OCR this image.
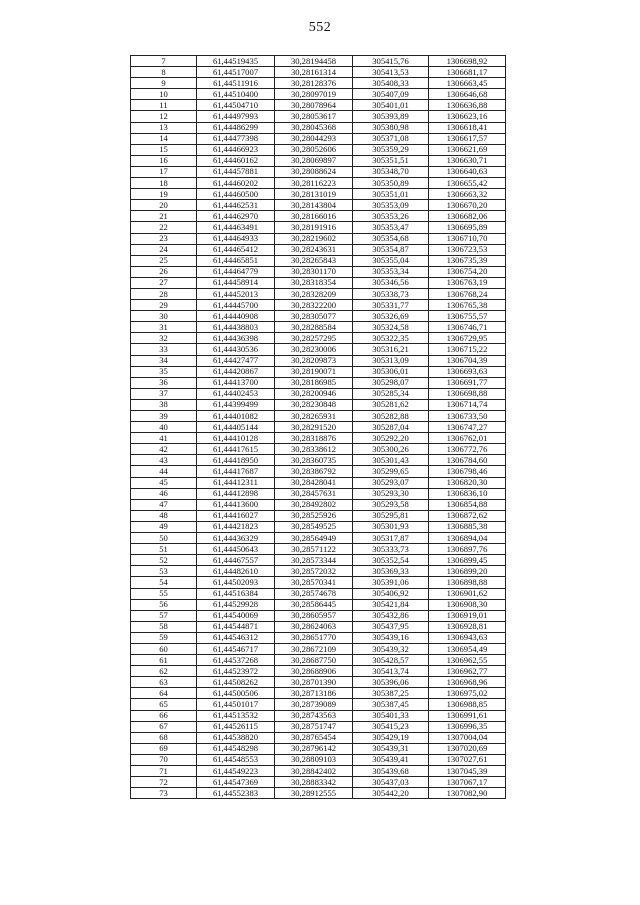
552
7	61,44519435	30,28194458	305415,76	1306698,92
8	61,44517007	30,28161314	305413,53	1306681,17
9	61,44511916	30,28128376	305408,33	1306663,45
10	61,44510400	30,28097019	305407,09	1306646,68
11	61,44504710	30,28078964	305401,01	1306636,88
12	61,44497993	30,28053617	305393,89	1306623,16
13	61,44486299	30,28045368	305380,98	1306618,41
14	61,44477398	30,28044293	305371,08	1306617,57
15	61,44466923	30,28052606	305359,29	1306621,69
16	61,44460162	30,28069897	305351,51	1306630,71
17	61,44457881	30,28088624	305348,70	1306640,63
18	61,44460202	30,28116223	305350,89	1306655,42
19	61,44460500	30,28131019	305351,01	1306663,32
20	61,44462531	30,28143804	305353,09	1306670,20
21	61,44462970	30,28166016	305353,26	1306682,06
22	61,44463491	30,28191916	305353,47	1306695,89
23	61,44464933	30,28219602	305354,68	1306710,70
24	61,44465412	30,28243631	305354,87	1306723,53
25	61,44465851	30,28265843	305355,04	1306735,39
26	61,44464779	30,28301170	305353,34	1306754,20
27	61,44458914	30,28318354	305346,56	1306763,19
28	61,44452013	30,28328209	305338,73	1306768,24
29	61,44445700	30,28322200	305331,77	1306765,38
30	61,44440908	30,28305077	305326,69	1306755,57
31	61,44438803	30,28288584	305324,58	1306746,71
32	61,44436398	30,28257295	305322,35	1306729,95
33	61,44430536	30,28230006	305316,21	1306715,22
34	61,44427477	30,28209873	305313,09	1306704,39
35	61,44420867	30,28190071	305306,01	1306693,63
36	61,44413700	30,28186985	305298,07	1306691,77
37	61,44402453	30,28200946	305285,34	1306698,88
38	61,44399499	30,28230848	305281,62	1306714,74
39	61,44401082	30,28265931	305282,88	1306733,50
40	61,44405144	30,28291520	305287,04	1306747,27
41	61,44410128	30,28318876	305292,20	1306762,01
42	61,44417615	30,28338612	305300,26	1306772,76
43	61,44418950	30,28360735	305301,43	1306784,60
44	61,44417687	30,28386792	305299,65	1306798,46
45	61,44412311	30,28428041	305293,07	1306820,30
46	61,44412898	30,28457631	305293,30	1306836,10
47	61,44413600	30,28492802	305293,58	1306854,88
48	61,44416027	30,28525926	305295,81	1306872,62
49	61,44421823	30,28549525	305301,93	1306885,38
50	61,44436329	30,28564949	305317,87	1306894,04
51	61,44450643	30,28571122	305333,73	1306897,76
52	61,44467557	30,28573344	305352,54	1306899,45
53	61,44482610	30,28572032	305369,33	1306899,20
54	61,44502093	30,28570341	305391,06	1306898,88
55	61,44516384	30,28574678	305406,92	1306901,62
56	61,44529928	30,28586445	305421,84	1306908,30
57	61,44540069	30,28605957	305432,86	1306919,01
58	61,44544871	30,28624063	305437,95	1306928,81
59	61,44546312	30,28651770	305439,16	1306943,63
60	61,44546717	30,28672109	305439,32	1306954,49
61	61,44537268	30,28687750	305428,57	1306962,55
62	61,44523972	30,28688906	305413,74	1306962,77
63	61,44508262	30,28701390	305396,06	1306968,96
64	61,44500506	30,28713186	305387,25	1306975,02
65	61,44501017	30,28739089	305387,45	1306988,85
66	61,44513532	30,28743563	305401,33	1306991,61
67	61,44526115	30,28751747	305415,23	1306996,35
68	61,44538820	30,28765454	305429,19	1307004,04
69	61,44548298	30,28796142	305439,31	1307020,69
70	61,44548553	30,28809103	305439,41	1307027,61
71	61,44549223	30,28842402	305439,68	1307045,39
72	61,44547369	30,28883342	305437,03	1307067,17
73	61,44552383	30,28912555	305442,20	1307082,90
